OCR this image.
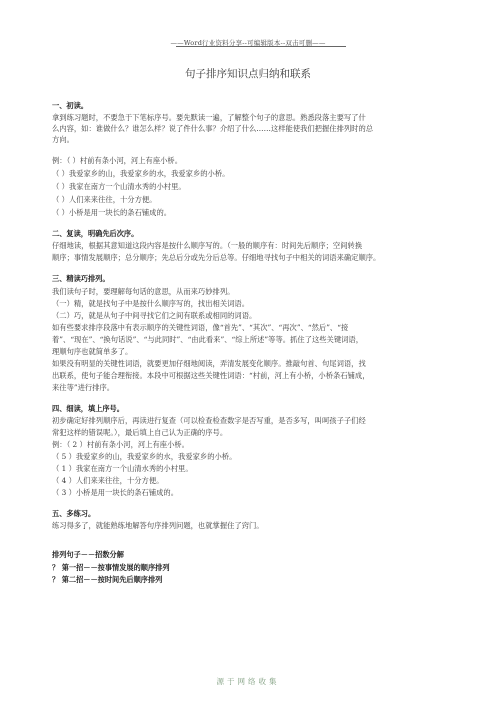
——Word行业资料分享--可编辑版本--双击可删——
句子排序知识点归纳和联系
一、初读。
拿到练习题时，不要急于下笔标序号。要先默读一遍，了解整个句子的意思。熟悉段落主要写了什
么内容，如：谁做什么？谁怎么样？说了件什么事？介绍了什么……这样能使我们把握住排列时的总
方向。
例：（ ）村前有条小河，河上有座小桥。
（ ）我爱家乡的山，我爱家乡的水，我爱家乡的小桥。
（ ）我家在南方一个山清水秀的小村里。
（ ）人们来来往往，十分方便。
（ ）小桥是用一块长的条石铺成的。
二、复读，明确先后次序。
仔细地读，根据其意知道这段内容是按什么顺序写的。（一般的顺序有：时间先后顺序；空间转换
顺序；事情发展顺序；总分顺序；先总后分或先分后总等。仔细地寻找句子中相关的词语来确定顺序。
三、精读巧排列。
我们读句子时，要理解每句话的意思，从而来巧妙排列。
（一）精，就是找句子中是按什么顺序写的，找出相关词语。
（二）巧，就是从句子中间寻找它们之间有联系或相同的词语。
如有些要求排序段落中有表示顺序的关键性词语，像“首先”、“其次”、“再次”、“然后”、“接
着”、“现在”、“换句话说”、“与此同时”、“由此看来”、“综上所述”等等。抓住了这些关键词语，
理顺句序也就简单多了。
如果没有明显的关键性词语，就要更加仔细地阅读，弄清发展变化顺序。推敲句首、句尾词语，找
出联系，使句子能合理衔接。本段中可根据这些关键性词语：“村前，河上有小桥，小桥条石铺成，
来往等”进行排序。
四、细读，填上序号。
初步确定好排列顺序后，再读进行复查（可以检查检查数字是否写重，是否多写，叫呵孩子子们经
常犯这样的错误呢。），最后填上自己认为正确的序号。
例：（ 2 ）村前有条小河，河上有座小桥。
（ 5 ）我爱家乡的山，我爱家乡的水，我爱家乡的小桥。
（ 1 ）我家在南方一个山清水秀的小村里。
（ 4 ）人们来来往往，十分方便。
（ 3 ）小桥是用一块长的条石铺成的。
五、多练习。
练习得多了，就能熟练地解答句序排列问题，也就掌握住了窍门。
排列句子－－招数分解
？ 第一招－－按事情发展的顺序排列
？ 第二招－－按时间先后顺序排列
源于网络收集
